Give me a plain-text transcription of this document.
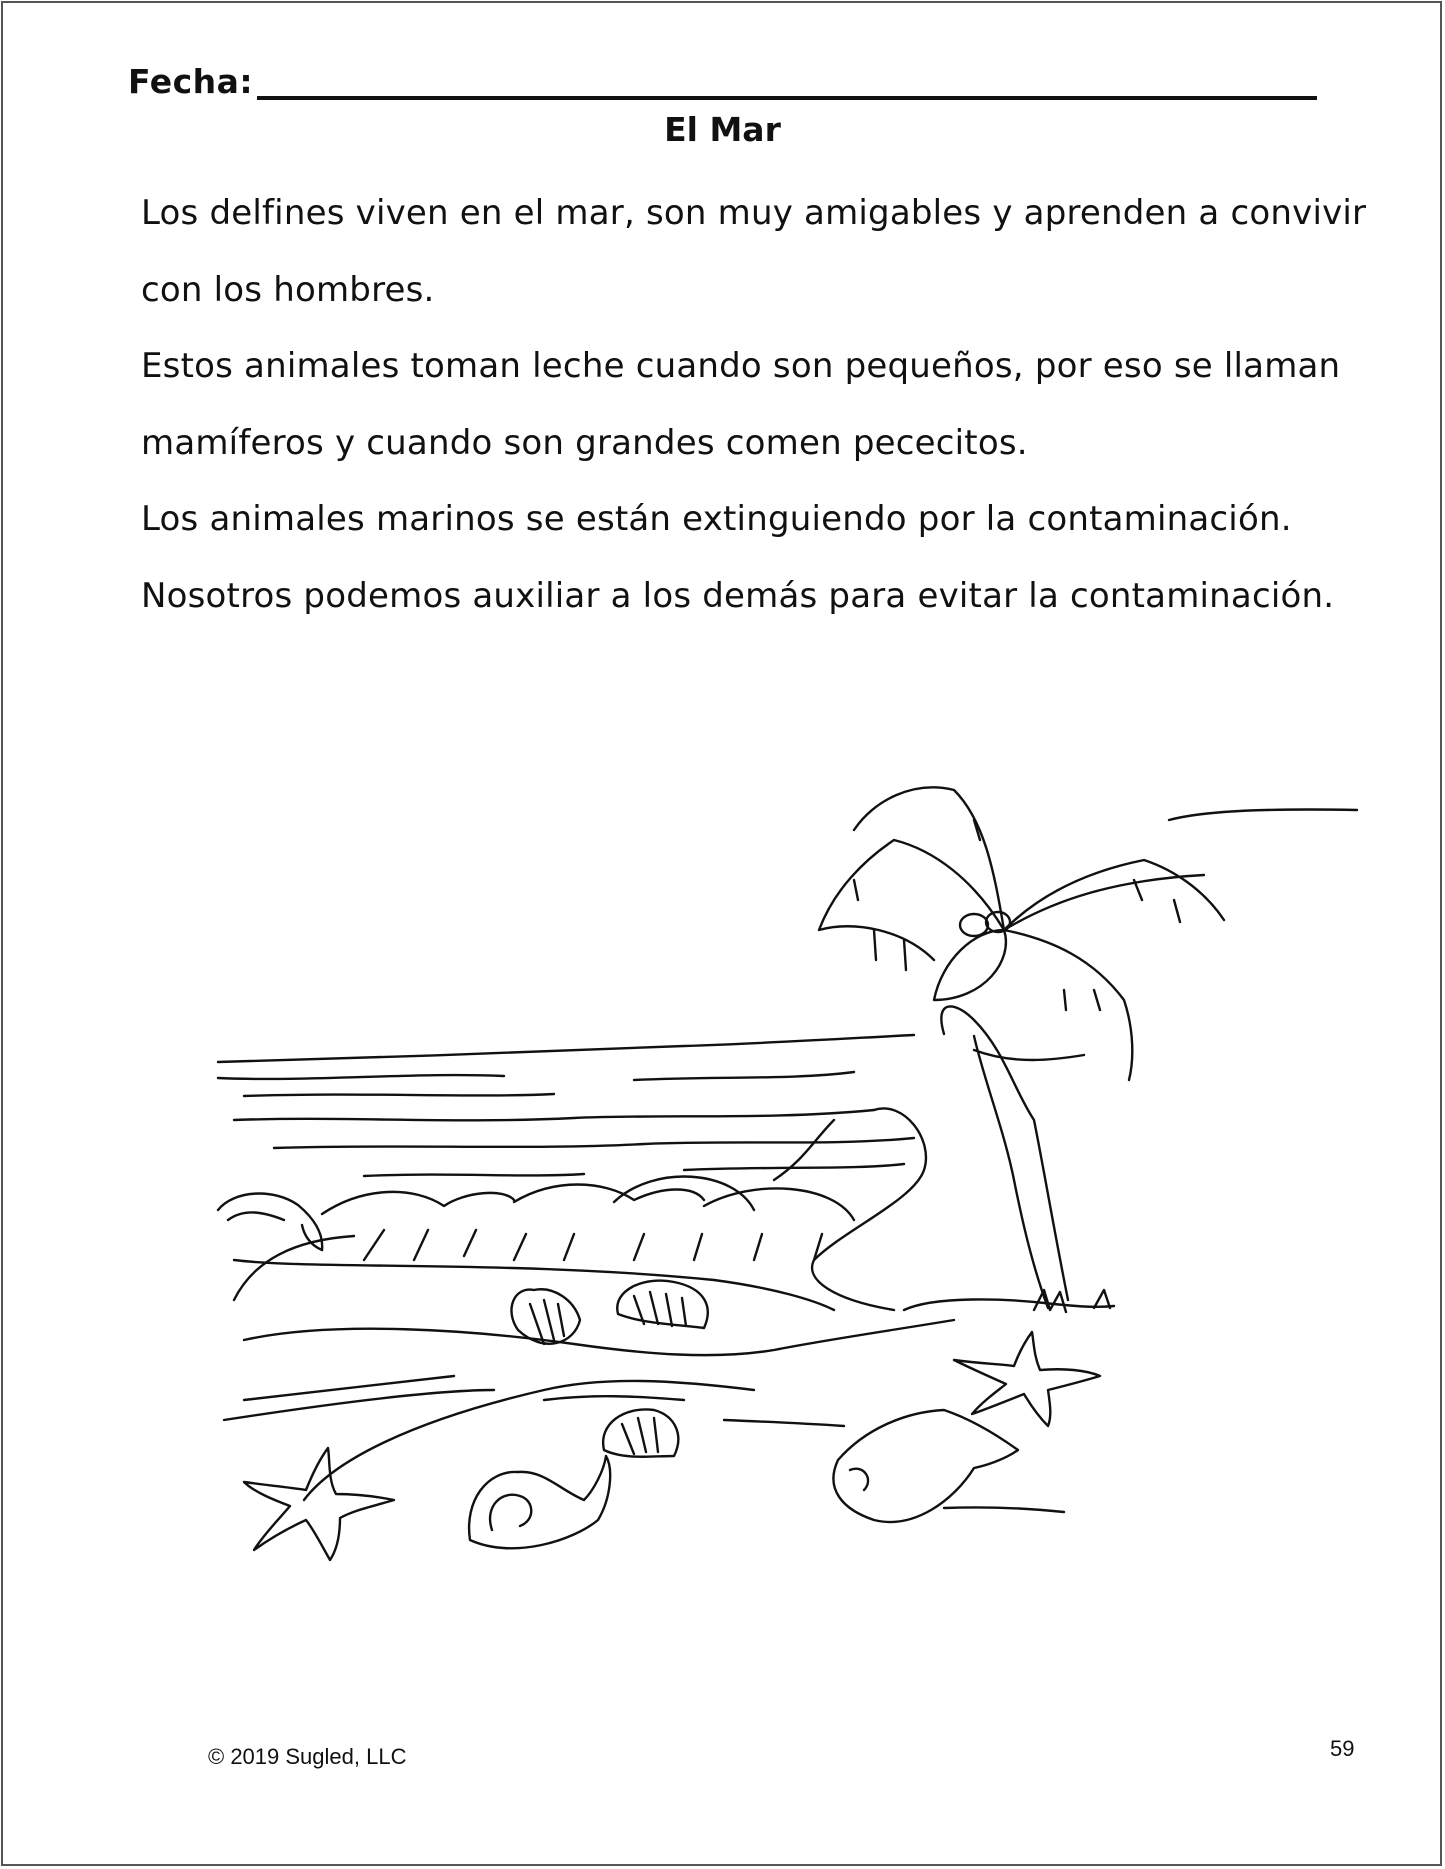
Fecha:
El Mar

Los delfines viven en el mar, son muy amigables y aprenden a convivir

con los hombres.

Estos animales toman leche cuando son pequeños, por eso se llaman

mamíferos y cuando son grandes comen pececitos.

Los animales marinos se están extinguiendo por la contaminación.

Nosotros podemos auxiliar a los demás para evitar la contaminación.

© 2019 Sugled, LLC	59
